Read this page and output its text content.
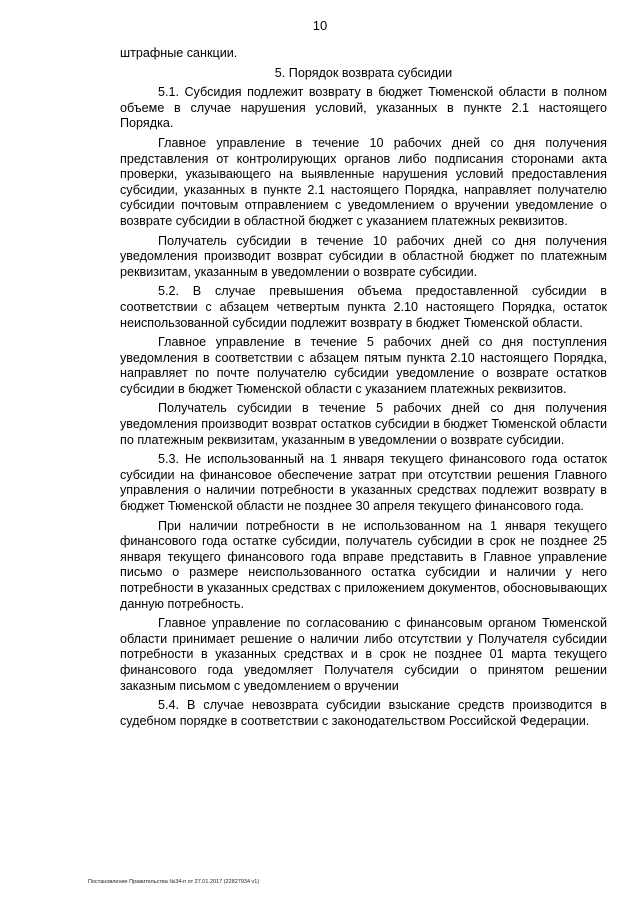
10

штрафные санкции.

5. Порядок возврата субсидии

5.1. Субсидия подлежит возврату в бюджет Тюменской области в полном объеме в случае нарушения условий, указанных в пункте 2.1 настоящего Порядка.

Главное управление в течение 10 рабочих дней со дня получения представления от контролирующих органов либо подписания сторонами акта проверки, указывающего на выявленные нарушения условий предоставления субсидии, указанных в пункте 2.1 настоящего Порядка, направляет получателю субсидии почтовым отправлением с уведомлением о вручении уведомление о возврате субсидии в областной бюджет с указанием платежных реквизитов.

Получатель субсидии в течение 10 рабочих дней со дня получения уведомления производит возврат субсидии в областной бюджет по платежным реквизитам, указанным в уведомлении о возврате субсидии.

5.2. В случае превышения объема предоставленной субсидии в соответствии с абзацем четвертым пункта 2.10 настоящего Порядка, остаток неиспользованной субсидии подлежит возврату в бюджет Тюменской области.

Главное управление в течение 5 рабочих дней со дня поступления уведомления в соответствии с абзацем пятым пункта 2.10 настоящего Порядка, направляет по почте получателю субсидии уведомление о возврате остатков субсидии в бюджет Тюменской области с указанием платежных реквизитов.

Получатель субсидии в течение 5 рабочих дней со дня получения уведомления производит возврат остатков субсидии в бюджет Тюменской области по платежным реквизитам, указанным в уведомлении о возврате субсидии.

5.3. Не использованный на 1 января текущего финансового года остаток субсидии на финансовое обеспечение затрат при отсутствии решения Главного управления о наличии потребности в указанных средствах подлежит возврату в бюджет Тюменской области не позднее 30 апреля текущего финансового года.

При наличии потребности в не использованном на 1 января текущего финансового года остатке субсидии, получатель субсидии в срок не позднее 25 января текущего финансового года вправе представить в Главное управление письмо о размере неиспользованного остатка субсидии и наличии у него потребности в указанных средствах с приложением документов, обосновывающих данную потребность.

Главное управление по согласованию с финансовым органом Тюменской области принимает решение о наличии либо отсутствии у Получателя субсидии потребности в указанных средствах и в срок не позднее 01 марта текущего финансового года уведомляет Получателя субсидии о принятом решении заказным письмом с уведомлением о вручении

5.4. В случае невозврата субсидии взыскание средств производится в судебном порядке в соответствии с законодательством Российской Федерации.

Постановление Правительства №34-п от 27.01.2017 (22827934 v1)
